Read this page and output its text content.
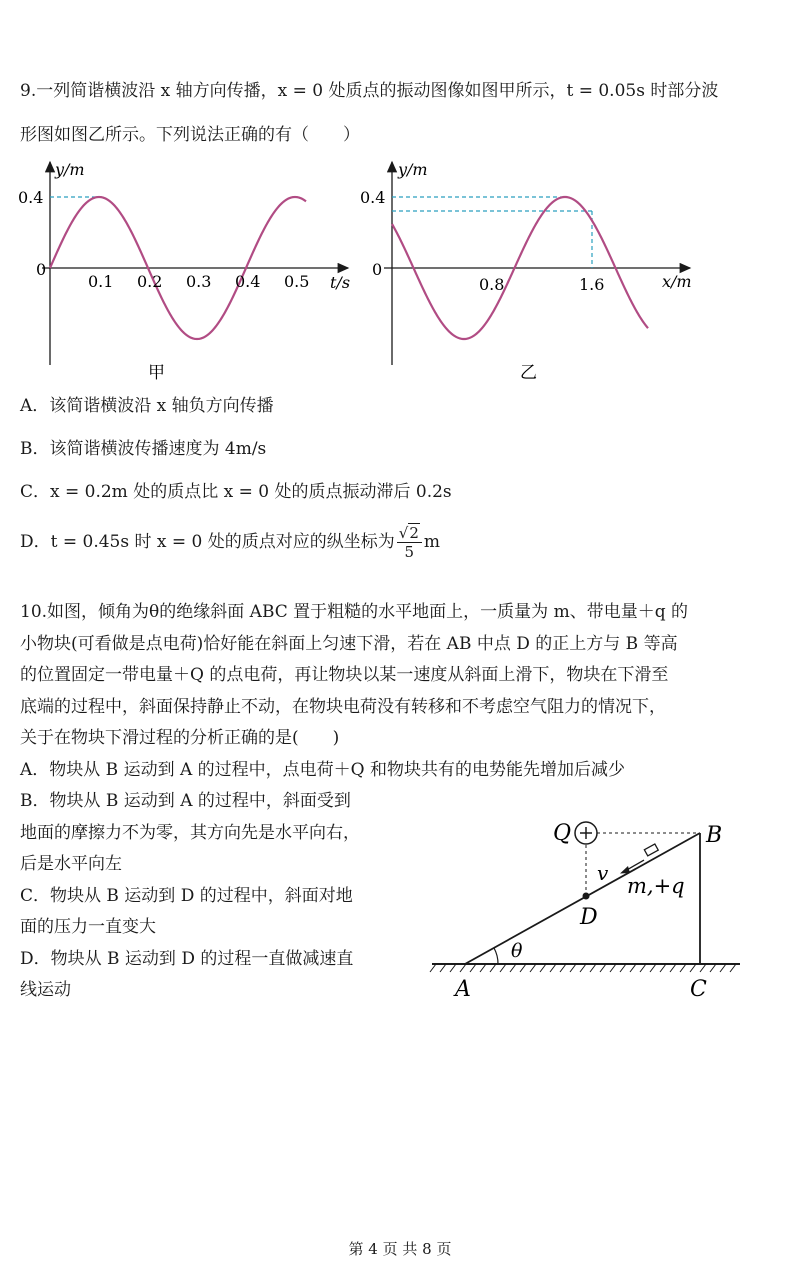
9.一列简谐横波沿 x 轴方向传播，x = 0 处质点的振动图像如图甲所示，t = 0.05s 时部分波
形图如图乙所示。下列说法正确的有（　　）
y/m
0.4
0
0.1 0.2 0.3 0.4 0.5 t/s
甲
y/m
0.4
0
0.8	1.6	x/m
乙
A．该简谐横波沿 x 轴负方向传播
B．该简谐横波传播速度为 4m/s
C．x = 0.2m 处的质点比 x = 0 处的质点振动滞后 0.2s
D．t = 0.45s 时 x = 0 处的质点对应的纵坐标为 $\frac{√2}{5}$ m
10.如图，倾角为θ的绝缘斜面 ABC 置于粗糙的水平地面上，一质量为 m、带电量＋q 的
小物块(可看做是点电荷)恰好能在斜面上匀速下滑，若在 AB 中点 D 的正上方与 B 等高
的位置固定一带电量＋Q 的点电荷，再让物块以某一速度从斜面上滑下，物块在下滑至
底端的过程中，斜面保持静止不动，在物块电荷没有转移和不考虑空气阻力的情况下，
关于在物块下滑过程的分析正确的是(　　)
A．物块从 B 运动到 A 的过程中，点电荷＋Q 和物块共有的电势能先增加后减少
B．物块从 B 运动到 A 的过程中，斜面受到
地面的摩擦力不为零，其方向先是水平向右，
后是水平向左
C．物块从 B 运动到 D 的过程中，斜面对地
面的压力一直变大
D．物块从 B 运动到 D 的过程一直做减速直
线运动
Q	B
v
m,+q
D
θ
A	C
第 4 页 共 8 页
